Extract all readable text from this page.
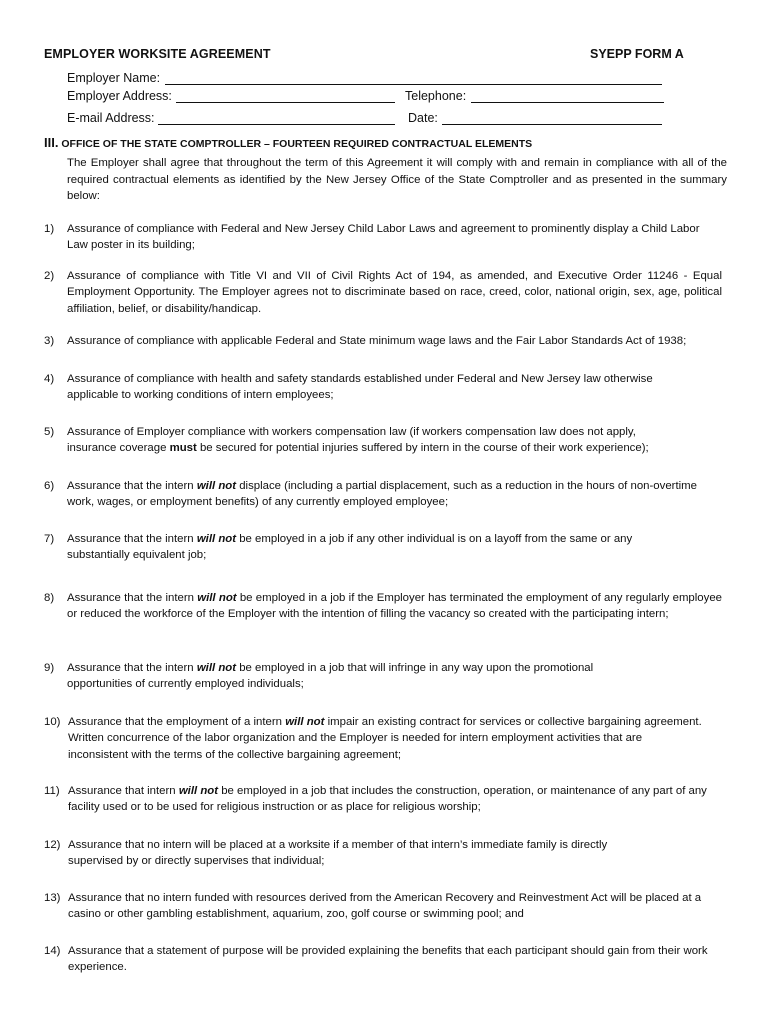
EMPLOYER WORKSITE AGREEMENT	SYEPP FORM A
Employer Name:
Employer Address:	Telephone:
E-mail Address:	Date:
III. OFFICE OF THE STATE COMPTROLLER – FOURTEEN REQUIRED CONTRACTUAL ELEMENTS
The Employer shall agree that throughout the term of this Agreement it will comply with and remain in compliance with all of the required contractual elements as identified by the New Jersey Office of the State Comptroller and as presented in the summary below:
1) Assurance of compliance with Federal and New Jersey Child Labor Laws and agreement to prominently display a Child Labor Law poster in its building;
2) Assurance of compliance with Title VI and VII of Civil Rights Act of 194, as amended, and Executive Order 11246 - Equal Employment Opportunity. The Employer agrees not to discriminate based on race, creed, color, national origin, sex, age, political affiliation, belief, or disability/handicap.
3) Assurance of compliance with applicable Federal and State minimum wage laws and the Fair Labor Standards Act of 1938;
4) Assurance of compliance with health and safety standards established under Federal and New Jersey law otherwise
applicable to working conditions of intern employees;
5) Assurance of Employer compliance with workers compensation law (if workers compensation law does not apply,
insurance coverage must be secured for potential injuries suffered by intern in the course of their work experience);
6) Assurance that the intern will not displace (including a partial displacement, such as a reduction in the hours of non-overtime work, wages, or employment benefits) of any currently employed employee;
7) Assurance that the intern will not be employed in a job if any other individual is on a layoff from the same or any
substantially equivalent job;
8) Assurance that the intern will not be employed in a job if the Employer has terminated the employment of any regularly employee or reduced the workforce of the Employer with the intention of filling the vacancy so created with the participating intern;
9) Assurance that the intern will not be employed in a job that will infringe in any way upon the promotional
opportunities of currently employed individuals;
10) Assurance that the employment of a intern will not impair an existing contract for services or collective bargaining agreement.
Written concurrence of the labor organization and the Employer is needed for intern employment activities that are
inconsistent with the terms of the collective bargaining agreement;
11) Assurance that intern will not be employed in a job that includes the construction, operation, or maintenance of any part of any facility used or to be used for religious instruction or as place for religious worship;
12) Assurance that no intern will be placed at a worksite if a member of that intern’s immediate family is directly
supervised by or directly supervises that individual;
13) Assurance that no intern funded with resources derived from the American Recovery and Reinvestment Act will be placed at a casino or other gambling establishment, aquarium, zoo, golf course or swimming pool; and
14) Assurance that a statement of purpose will be provided explaining the benefits that each participant should gain from their work experience.
